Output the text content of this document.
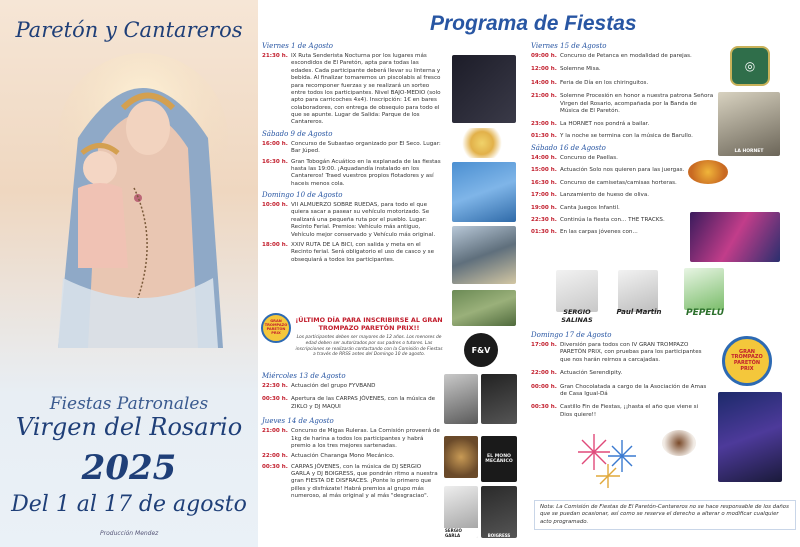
Paretón y Cantareros
Fiestas Patronales
Virgen del Rosario
2025
Del 1 al 17 de agosto
Producción Mendez
Programa de Fiestas
Viernes 1 de Agosto
21:30 h. IX Ruta Senderista Nocturna por los lugares más escondidos de El Paretón, apta para todas las edades. Cada participante deberá llevar su linterna y bebida. Al finalizar tomaremos un piscolabis al fresco para recomponer fuerzas y se realizará un sorteo entre todos los participantes. Nivel BAJO-MEDIO (solo apto para carricoches 4x4). Inscripción: 1€ en bares colaboradores, con entrega de obsequio para todo el que se apunte. Lugar de Salida: Parque de los Cantareros.
Sábado 9 de Agosto
16:00 h. Concurso de Subastao organizado por El Seco. Lugar: Bar Júped.
16:30 h. Gran Tobogán Acuático en la explanada de las fiestas hasta las 19:00. ¡Aquadandía instalado en los Cantareros! Traed vuestros propios flotadores y así haceis menos cola.
Domingo 10 de Agosto
10:00 h. VII ALMUERZO SOBRE RUEDAS, para todo el que quiera sacar a pasear su vehículo motorizado. Se realizará una pequeña ruta por el pueblo. Lugar: Recinto Ferial. Premios: Vehículo más antiguo, Vehículo mejor conservado y Vehículo más original.
18:00 h. XXIV RUTA DE LA BICI, con salida y meta en el Recinto ferial. Será obligatorio el uso de casco y se obsequiará a todos los participantes.
GRAN TROMPAZO PARETÓN PRIX
¡ÚLTIMO DÍA PARA INSCRIBIRSE AL GRAN TROMPAZO PARETÓN PRIX!!
Los participantes deben ser mayores de 12 años. Los menores de edad deben ser autorizados por sus padres o tutores. Las inscripciones se realizarán contactando con la Comisión de Fiestas a través de RRSS antes del Domingo 10 de agosto.
F&V
Miércoles 13 de Agosto
22:30 h. Actuación del grupo FYVBAND
00:30 h. Apertura de las CARPAS JÓVENES, con la música de ZIKLO y DJ MAQUI
Jueves 14 de Agosto
21:00 h. Concurso de Migas Ruleras. La Comisión proveerá de 1kg de harina a todos los participantes y habrá premio a los tres mejores sartenadas.
22:00 h. Actuación Charanga Mono Mecánico.
00:30 h. CARPAS JÓVENES, con la música de DJ SERGIO GARLA y DJ BOIGRESS, que pondrán ritmo a nuestra gran FIESTA DE DISFRACES. ¡Ponte lo primero que pilles y disfrázate! Habrá premios al grupo más numeroso, al más original y al más "desgraciao".
EL MONO MECÁNICO
SERGIO GARLA	BOIGRESS
Viernes 15 de Agosto
09:00 h. Concurso de Petanca en modalidad de parejas.
12:00 h. Solemne Misa.
14:00 h. Feria de Día en los chiringuitos.
21:00 h. Solemne Procesión en honor a nuestra patrona Señora Virgen del Rosario, acompañada por la Banda de Música de El Paretón.
23:00 h. La HORNET nos pondrá a bailar.
01:30 h. Y la noche se termina con la música de Barullo.
Sábado 16 de Agosto
14:00 h. Concurso de Paellas.
15:00 h. Actuación Solo nos quieren para las juergas.
16:30 h. Concurso de camisetas/camisas horteras.
17:00 h. Lanzamiento de hueso de oliva.
19:00 h. Canta Juegos Infantil.
22:30 h. Continúa la fiesta con... THE TRACKS.
01:30 h. En las carpas jóvenes con...
Domingo 17 de Agosto
17:00 h. Diversión para todos con IV GRAN TROMPAZO PARETÓN PRIX, con pruebas para los participantes que nos harán reirnos a carcajadas.
22:00 h. Actuación Serendipity.
00:00 h. Gran Chocolatada a cargo de la Asociación de Amas de Casa Igual-Dá
00:30 h. Castillo Fin de Fiestas, ¡¡hasta el año que viene si Dios quiere!!
◎
LA HORNET
SERGIO SALINAS
Paul Martin	PEPELU
GRAN TROMPAZO PARETÓN PRIX
Nota: La Comisión de Fiestas de El Paretón-Cantareros no se hace responsable de los daños que se puedan ocasionar, así como se reserva el derecho a alterar o modificar cualquier acto programado.
